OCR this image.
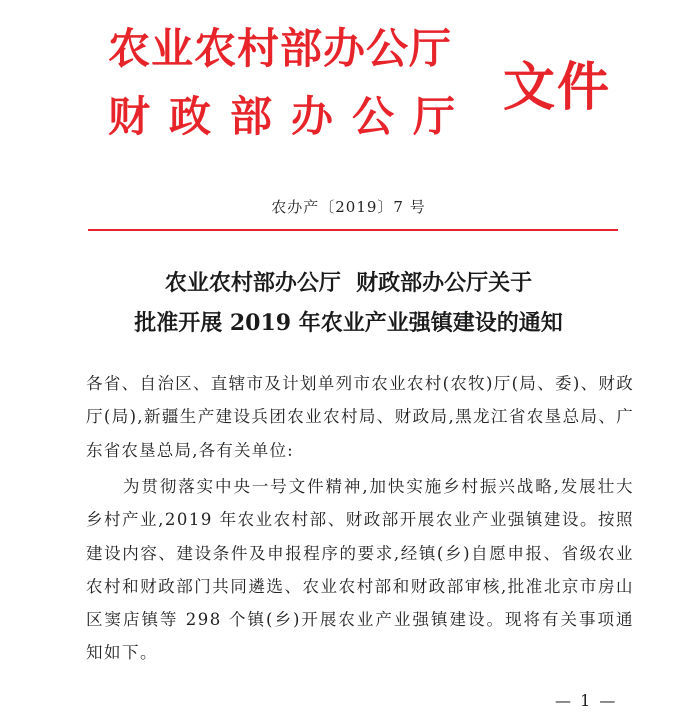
农业农村部办公厅
财政部办公厅 文件
农办产〔2019〕7 号
农业农村部办公厅  财政部办公厅关于
批准开展 2019 年农业产业强镇建设的通知
各省、自治区、直辖市及计划单列市农业农村(农牧)厅(局、委)、财政厅(局),新疆生产建设兵团农业农村局、财政局,黑龙江省农垦总局、广东省农垦总局,各有关单位:
为贯彻落实中央一号文件精神,加快实施乡村振兴战略,发展壮大乡村产业,2019 年农业农村部、财政部开展农业产业强镇建设。按照建设内容、建设条件及申报程序的要求,经镇(乡)自愿申报、省级农业农村和财政部门共同遴选、农业农村部和财政部审核,批准北京市房山区窦店镇等 298 个镇(乡)开展农业产业强镇建设。现将有关事项通知如下。
— 1 —
